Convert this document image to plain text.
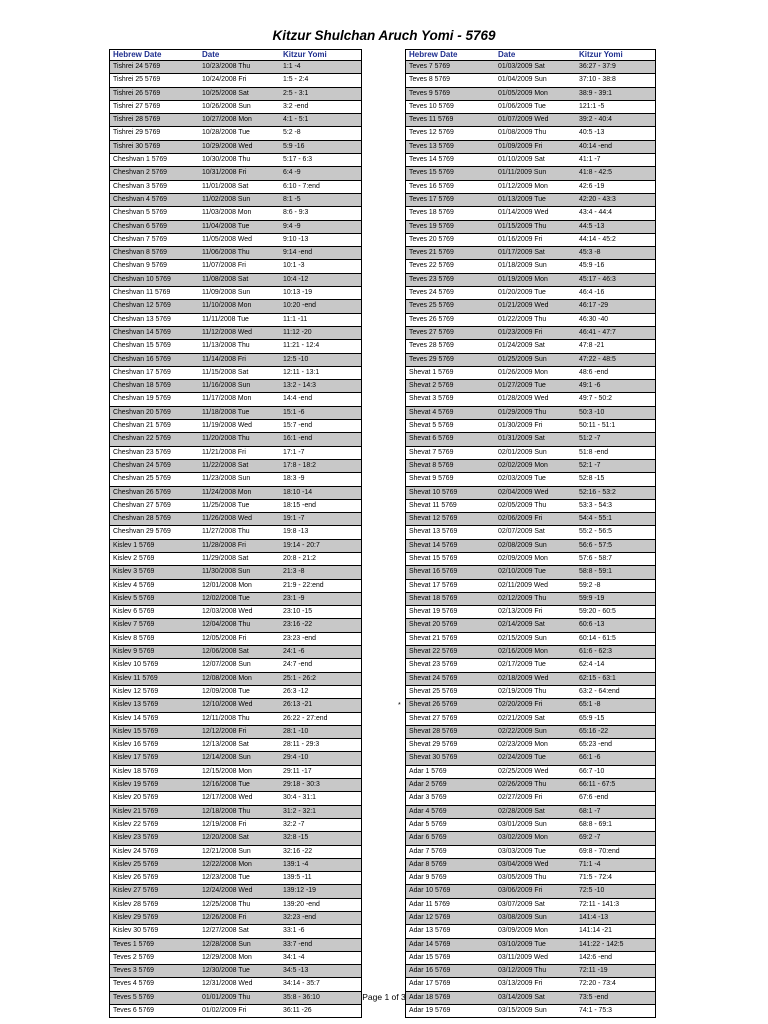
Kitzur Shulchan Aruch Yomi - 5769
Hebrew Date	Date	Kitzur Yomi
Tishrei 24 5769	10/23/2008 Thu	1:1 -4
Tishrei 25 5769	10/24/2008 Fri	1:5 - 2:4
Tishrei 26 5769	10/25/2008 Sat	2:5 - 3:1
Tishrei 27 5769	10/26/2008 Sun	3:2 -end
Tishrei 28 5769	10/27/2008 Mon	4:1 - 5:1
Tishrei 29 5769	10/28/2008 Tue	5:2 -8
Tishrei 30 5769	10/29/2008 Wed	5:9 -16
Cheshvan 1 5769	10/30/2008 Thu	5:17 - 6:3
Cheshvan 2 5769	10/31/2008 Fri	6:4 -9
Cheshvan 3 5769	11/01/2008 Sat	6:10 - 7:end
Cheshvan 4 5769	11/02/2008 Sun	8:1 -5
Cheshvan 5 5769	11/03/2008 Mon	8:6 - 9:3
Cheshvan 6 5769	11/04/2008 Tue	9:4 -9
Cheshvan 7 5769	11/05/2008 Wed	9:10 -13
Cheshvan 8 5769	11/06/2008 Thu	9:14 -end
Cheshvan 9 5769	11/07/2008 Fri	10:1 -3
Cheshvan 10 5769	11/08/2008 Sat	10:4 -12
Cheshvan 11 5769	11/09/2008 Sun	10:13 -19
Cheshvan 12 5769	11/10/2008 Mon	10:20 -end
Cheshvan 13 5769	11/11/2008 Tue	11:1 -11
Cheshvan 14 5769	11/12/2008 Wed	11:12 -20
Cheshvan 15 5769	11/13/2008 Thu	11:21 - 12:4
Cheshvan 16 5769	11/14/2008 Fri	12:5 -10
Cheshvan 17 5769	11/15/2008 Sat	12:11 - 13:1
Cheshvan 18 5769	11/16/2008 Sun	13:2 - 14:3
Cheshvan 19 5769	11/17/2008 Mon	14:4 -end
Cheshvan 20 5769	11/18/2008 Tue	15:1 -6
Cheshvan 21 5769	11/19/2008 Wed	15:7 -end
Cheshvan 22 5769	11/20/2008 Thu	16:1 -end
Cheshvan 23 5769	11/21/2008 Fri	17:1 -7
Cheshvan 24 5769	11/22/2008 Sat	17:8 - 18:2
Cheshvan 25 5769	11/23/2008 Sun	18:3 -9
Cheshvan 26 5769	11/24/2008 Mon	18:10 -14
Cheshvan 27 5769	11/25/2008 Tue	18:15 -end
Cheshvan 28 5769	11/26/2008 Wed	19:1 -7
Cheshvan 29 5769	11/27/2008 Thu	19:8 -13
Kislev 1 5769	11/28/2008 Fri	19:14 - 20:7
Kislev 2 5769	11/29/2008 Sat	20:8 - 21:2
Kislev 3 5769	11/30/2008 Sun	21:3 -8
Kislev 4 5769	12/01/2008 Mon	21:9 - 22:end
Kislev 5 5769	12/02/2008 Tue	23:1 -9
Kislev 6 5769	12/03/2008 Wed	23:10 -15
Kislev 7 5769	12/04/2008 Thu	23:16 -22
Kislev 8 5769	12/05/2008 Fri	23:23 -end
Kislev 9 5769	12/06/2008 Sat	24:1 -6
Kislev 10 5769	12/07/2008 Sun	24:7 -end
Kislev 11 5769	12/08/2008 Mon	25:1 - 26:2
Kislev 12 5769	12/09/2008 Tue	26:3 -12
Kislev 13 5769	12/10/2008 Wed	26:13 -21
Kislev 14 5769	12/11/2008 Thu	26:22 - 27:end
Kislev 15 5769	12/12/2008 Fri	28:1 -10
Kislev 16 5769	12/13/2008 Sat	28:11 - 29:3
Kislev 17 5769	12/14/2008 Sun	29:4 -10
Kislev 18 5769	12/15/2008 Mon	29:11 -17
Kislev 19 5769	12/16/2008 Tue	29:18 - 30:3
Kislev 20 5769	12/17/2008 Wed	30:4 - 31:1
Kislev 21 5769	12/18/2008 Thu	31:2 - 32:1
Kislev 22 5769	12/19/2008 Fri	32:2 -7
Kislev 23 5769	12/20/2008 Sat	32:8 -15
Kislev 24 5769	12/21/2008 Sun	32:16 -22
Kislev 25 5769	12/22/2008 Mon	139:1 -4
Kislev 26 5769	12/23/2008 Tue	139:5 -11
Kislev 27 5769	12/24/2008 Wed	139:12 -19
Kislev 28 5769	12/25/2008 Thu	139:20 -end
Kislev 29 5769	12/26/2008 Fri	32:23 -end
Kislev 30 5769	12/27/2008 Sat	33:1 -6
Teves 1 5769	12/28/2008 Sun	33:7 -end
Teves 2 5769	12/29/2008 Mon	34:1 -4
Teves 3 5769	12/30/2008 Tue	34:5 -13
Teves 4 5769	12/31/2008 Wed	34:14 - 35:7
Teves 5 5769	01/01/2009 Thu	35:8 - 36:10
Teves 6 5769	01/02/2009 Fri	36:11 -26
Hebrew Date	Date	Kitzur Yomi
Teves 7 5769	01/03/2009 Sat	36:27 - 37:9
Teves 8 5769	01/04/2009 Sun	37:10 - 38:8
Teves 9 5769	01/05/2009 Mon	38:9 - 39:1
Teves 10 5769	01/06/2009 Tue	121:1 -5
Teves 11 5769	01/07/2009 Wed	39:2 - 40:4
Teves 12 5769	01/08/2009 Thu	40:5 -13
Teves 13 5769	01/09/2009 Fri	40:14 -end
Teves 14 5769	01/10/2009 Sat	41:1 -7
Teves 15 5769	01/11/2009 Sun	41:8 - 42:5
Teves 16 5769	01/12/2009 Mon	42:6 -19
Teves 17 5769	01/13/2009 Tue	42:20 - 43:3
Teves 18 5769	01/14/2009 Wed	43:4 - 44:4
Teves 19 5769	01/15/2009 Thu	44:5 -13
Teves 20 5769	01/16/2009 Fri	44:14 - 45:2
Teves 21 5769	01/17/2009 Sat	45:3 -8
Teves 22 5769	01/18/2009 Sun	45:9 -16
Teves 23 5769	01/19/2009 Mon	45:17 - 46:3
Teves 24 5769	01/20/2009 Tue	46:4 -16
Teves 25 5769	01/21/2009 Wed	46:17 -29
Teves 26 5769	01/22/2009 Thu	46:30 -40
Teves 27 5769	01/23/2009 Fri	46:41 - 47:7
Teves 28 5769	01/24/2009 Sat	47:8 -21
Teves 29 5769	01/25/2009 Sun	47:22 - 48:5
Shevat 1 5769	01/26/2009 Mon	48:6 -end
Shevat 2 5769	01/27/2009 Tue	49:1 -6
Shevat 3 5769	01/28/2009 Wed	49:7 - 50:2
Shevat 4 5769	01/29/2009 Thu	50:3 -10
Shevat 5 5769	01/30/2009 Fri	50:11 - 51:1
Shevat 6 5769	01/31/2009 Sat	51:2 -7
Shevat 7 5769	02/01/2009 Sun	51:8 -end
Shevat 8 5769	02/02/2009 Mon	52:1 -7
Shevat 9 5769	02/03/2009 Tue	52:8 -15
Shevat 10 5769	02/04/2009 Wed	52:16 - 53:2
Shevat 11 5769	02/05/2009 Thu	53:3 - 54:3
Shevat 12 5769	02/06/2009 Fri	54:4 - 55:1
Shevat 13 5769	02/07/2009 Sat	55:2 - 56:5
Shevat 14 5769	02/08/2009 Sun	56:6 - 57:5
Shevat 15 5769	02/09/2009 Mon	57:6 - 58:7
Shevat 16 5769	02/10/2009 Tue	58:8 - 59:1
Shevat 17 5769	02/11/2009 Wed	59:2 -8
Shevat 18 5769	02/12/2009 Thu	59:9 -19
Shevat 19 5769	02/13/2009 Fri	59:20 - 60:5
Shevat 20 5769	02/14/2009 Sat	60:6 -13
Shevat 21 5769	02/15/2009 Sun	60:14 - 61:5
Shevat 22 5769	02/16/2009 Mon	61:6 - 62:3
Shevat 23 5769	02/17/2009 Tue	62:4 -14
Shevat 24 5769	02/18/2009 Wed	62:15 - 63:1
Shevat 25 5769	02/19/2009 Thu	63:2 - 64:end
Shevat 26 5769	02/20/2009 Fri	65:1 -8
Shevat 27 5769	02/21/2009 Sat	65:9 -15
Shevat 28 5769	02/22/2009 Sun	65:16 -22
Shevat 29 5769	02/23/2009 Mon	65:23 -end
Shevat 30 5769	02/24/2009 Tue	66:1 -6
Adar 1 5769	02/25/2009 Wed	66:7 -10
Adar 2 5769	02/26/2009 Thu	66:11 - 67:5
Adar 3 5769	02/27/2009 Fri	67:6 -end
Adar 4 5769	02/28/2009 Sat	68:1 -7
Adar 5 5769	03/01/2009 Sun	68:8 - 69:1
Adar 6 5769	03/02/2009 Mon	69:2 -7
Adar 7 5769	03/03/2009 Tue	69:8 - 70:end
Adar 8 5769	03/04/2009 Wed	71:1 -4
Adar 9 5769	03/05/2009 Thu	71:5 - 72:4
Adar 10 5769	03/06/2009 Fri	72:5 -10
Adar 11 5769	03/07/2009 Sat	72:11 - 141:3
Adar 12 5769	03/08/2009 Sun	141:4 -13
Adar 13 5769	03/09/2009 Mon	141:14 -21
Adar 14 5769	03/10/2009 Tue	141:22 - 142:5
Adar 15 5769	03/11/2009 Wed	142:6 -end
Adar 16 5769	03/12/2009 Thu	72:11 -19
Adar 17 5769	03/13/2009 Fri	72:20 - 73:4
Adar 18 5769	03/14/2009 Sat	73:5 -end
Adar 19 5769	03/15/2009 Sun	74:1 - 75:3
*
Page 1 of 3
